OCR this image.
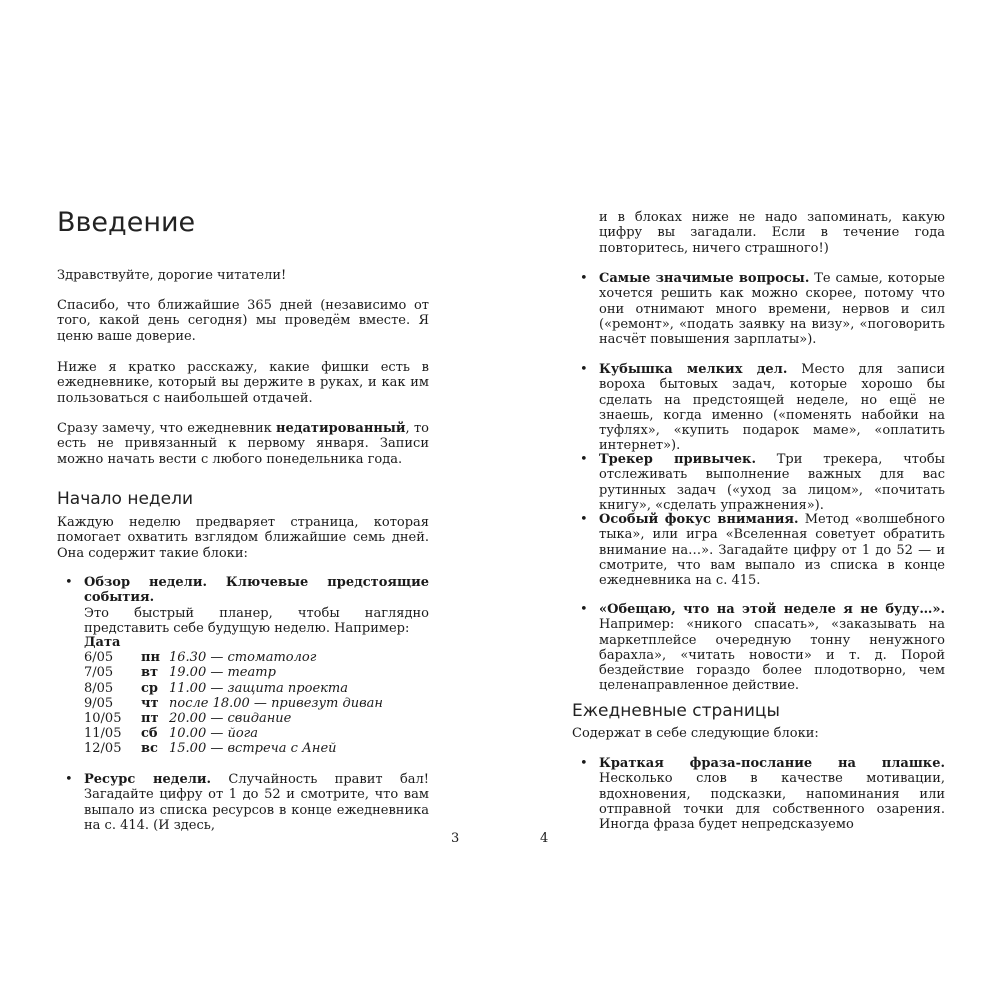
Введение

Здравствуйте, дорогие читатели!

Спасибо, что ближайшие 365 дней (независимо от того, какой день сегодня) мы проведём вместе. Я ценю ваше доверие.

Ниже я кратко расскажу, какие фишки есть в ежедневнике, который вы держите в руках, и как им пользоваться с наибольшей отдачей.

Сразу замечу, что ежедневник недатированный, то есть не привязанный к первому января. Записи можно начать вести с любого понедельника года.

Начало недели

Каждую неделю предваряет страница, которая помогает охватить взглядом ближайшие семь дней. Она содержит такие блоки:

• Обзор недели. Ключевые предстоящие события.
Это быстрый планер, чтобы наглядно представить себе будущую неделю. Например:

Дата
6/05	пн 16.30 — стоматолог
7/05	вт 19.00 — театр
8/05	ср 11.00 — защита проекта
9/05	чт после 18.00 — привезут диван
10/05	пт 20.00 — свидание
11/05	сб 10.00 — йога
12/05	вс 15.00 — встреча с Аней
• Ресурс недели. Случайность правит бал! Загадайте цифру от 1 до 52 и смотрите, что вам выпало из списка ресурсов в конце ежедневника на с. 414. (И здесь,

3	4

и в блоках ниже не надо запоминать, какую цифру вы загадали. Если в течение года повторитесь, ничего страшного!)

• Самые значимые вопросы. Те самые, которые хочется решить как можно скорее, потому что они отнимают много времени, нервов и сил («ремонт», «подать заявку на визу», «поговорить насчёт повышения зарплаты»).

• Кубышка мелких дел. Место для записи вороха бытовых задач, которые хорошо бы сделать на предстоящей неделе, но ещё не знаешь, когда именно («поменять набойки на туфлях», «купить подарок маме», «оплатить интернет»).

• Трекер привычек. Три трекера, чтобы отслеживать выполнение важных для вас рутинных задач («уход за лицом», «почитать книгу», «сделать упражнения»).

• Особый фокус внимания. Метод «волшебного тыка», или игра «Вселенная советует обратить внимание на…». Загадайте цифру от 1 до 52 — и смотрите, что вам выпало из списка в конце ежедневника на с. 415.

• «Обещаю, что на этой неделе я не буду…». Например: «никого спасать», «заказывать на маркетплейсе очередную тонну ненужного барахла», «читать новости» и т. д. Порой бездействие гораздо более плодотворно, чем целенаправленное действие.

Ежедневные страницы

Содержат в себе следующие блоки:

• Краткая фраза-послание на плашке. Несколько слов в качестве мотивации, вдохновения, подсказки, напоминания или отправной точки для собственного озарения. Иногда фраза будет непредсказуемо
